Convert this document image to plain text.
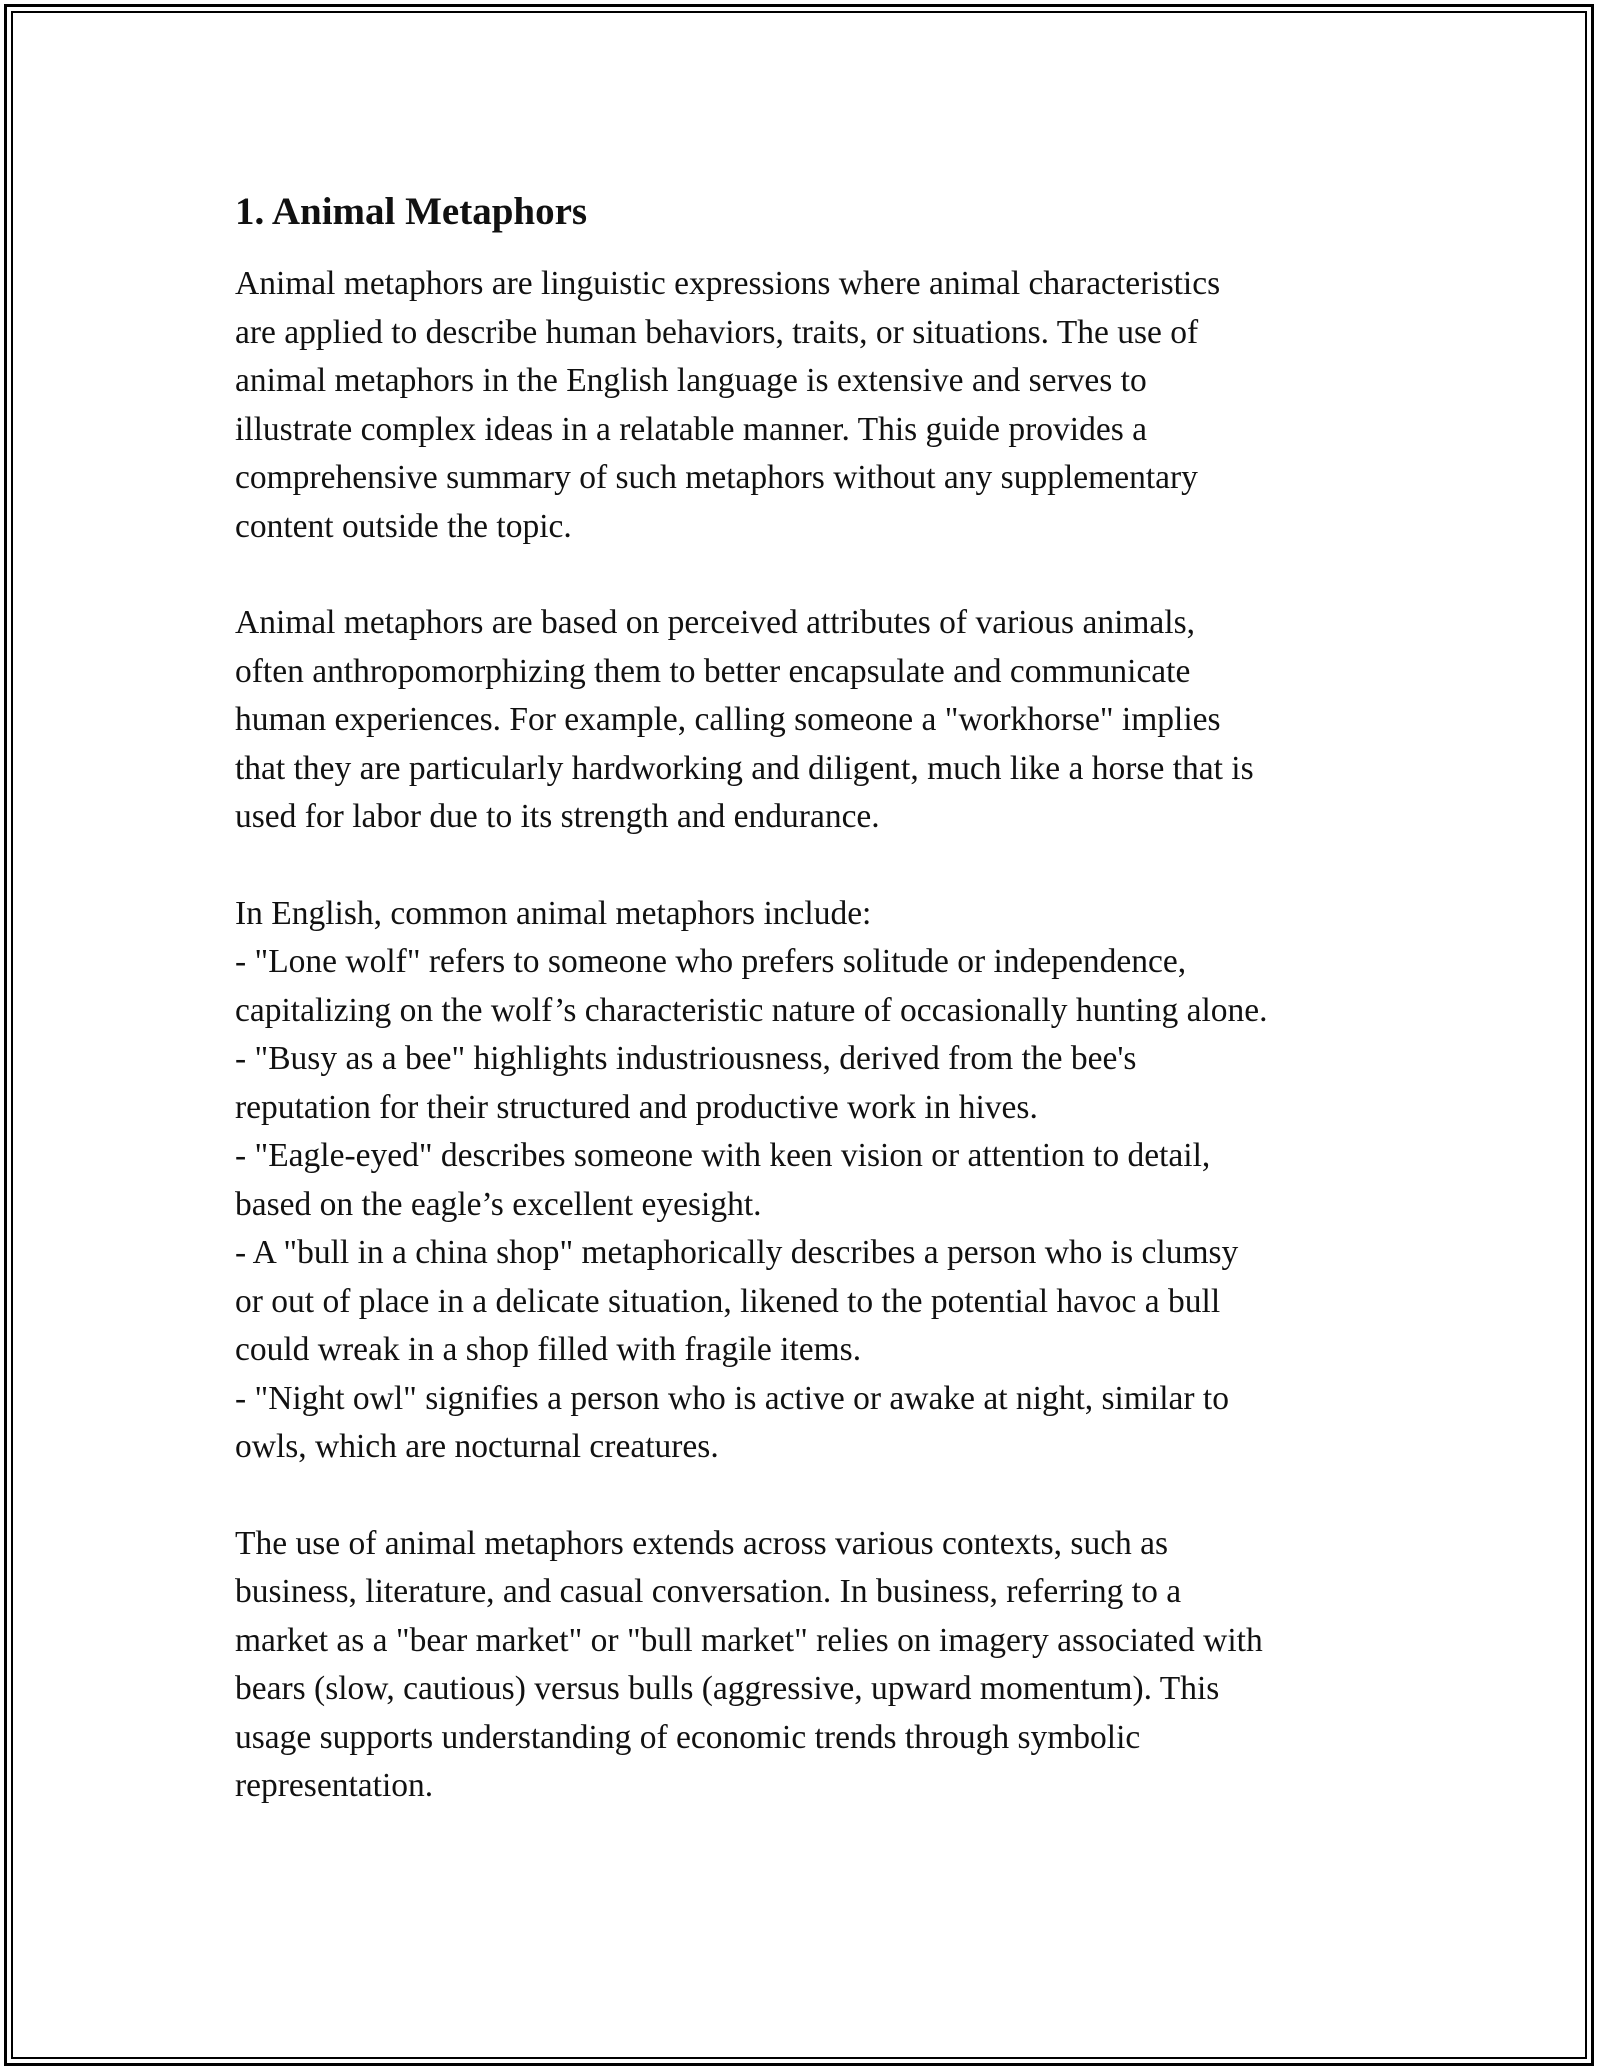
1. Animal Metaphors
Animal metaphors are linguistic expressions where animal characteristics
are applied to describe human behaviors, traits, or situations. The use of
animal metaphors in the English language is extensive and serves to
illustrate complex ideas in a relatable manner. This guide provides a
comprehensive summary of such metaphors without any supplementary
content outside the topic.
Animal metaphors are based on perceived attributes of various animals,
often anthropomorphizing them to better encapsulate and communicate
human experiences. For example, calling someone a "workhorse" implies
that they are particularly hardworking and diligent, much like a horse that is
used for labor due to its strength and endurance.
In English, common animal metaphors include:
- "Lone wolf" refers to someone who prefers solitude or independence,
capitalizing on the wolf’s characteristic nature of occasionally hunting alone.
- "Busy as a bee" highlights industriousness, derived from the bee's
reputation for their structured and productive work in hives.
- "Eagle-eyed" describes someone with keen vision or attention to detail,
based on the eagle’s excellent eyesight.
- A "bull in a china shop" metaphorically describes a person who is clumsy
or out of place in a delicate situation, likened to the potential havoc a bull
could wreak in a shop filled with fragile items.
- "Night owl" signifies a person who is active or awake at night, similar to
owls, which are nocturnal creatures.
The use of animal metaphors extends across various contexts, such as
business, literature, and casual conversation. In business, referring to a
market as a "bear market" or "bull market" relies on imagery associated with
bears (slow, cautious) versus bulls (aggressive, upward momentum). This
usage supports understanding of economic trends through symbolic
representation.
